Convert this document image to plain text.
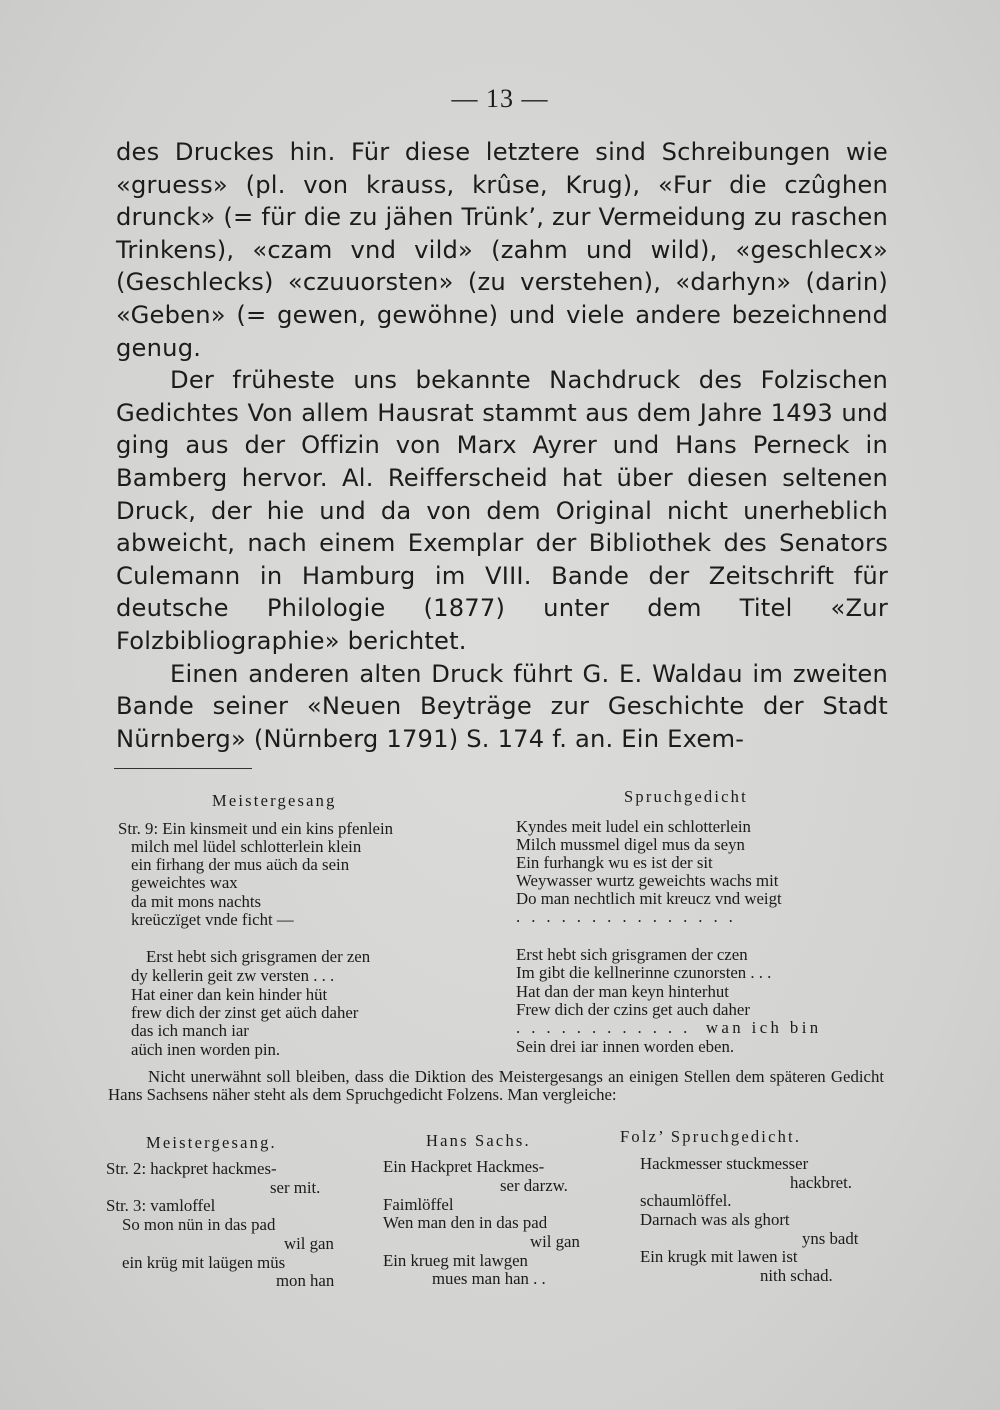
— 13 —

des Druckes hin. Für diese letztere sind Schreibungen wie «gruess» (pl. von krauss, krûse, Krug), «Fur die czûghen drunck» (= für die zu jähen Trünk’, zur Vermeidung zu raschen Trinkens), «czam vnd vild» (zahm und wild), «geschlecx» (Geschlecks) «czuuorsten» (zu verstehen), «darhyn» (darin) «Geben» (= gewen, gewöhne) und viele andere bezeichnend genug.

Der früheste uns bekannte Nachdruck des Folzischen Gedichtes Von allem Hausrat stammt aus dem Jahre 1493 und ging aus der Offizin von Marx Ayrer und Hans Perneck in Bamberg hervor. Al. Reifferscheid hat über diesen seltenen Druck, der hie und da von dem Original nicht unerheblich abweicht, nach einem Exemplar der Bibliothek des Senators Culemann in Hamburg im VIII. Bande der Zeitschrift für deutsche Philologie (1877) unter dem Titel «Zur Folzbibliographie» berichtet.

Einen anderen alten Druck führt G. E. Waldau im zweiten Bande seiner «Neuen Beyträge zur Geschichte der Stadt Nürnberg» (Nürnberg 1791) S. 174 f. an. Ein Exem-

Meistergesang
Str. 9: Ein kinsmeit und ein kins pfenlein
milch mel lüdel schlotterlein klein
ein firhang der mus aüch da sein
geweichtes wax
da mit mons nachts
kreüczïget vnde ficht —
Erst hebt sich grisgramen der zen
dy kellerin geit zw versten . . .
Hat einer dan kein hinder hüt
frew dich der zinst get aüch daher
das ich manch iar
aüch inen worden pin.
Spruchgedicht
Kyndes meit ludel ein schlotterlein
Milch mussmel digel mus da seyn
Ein furhangk wu es ist der sit
Weywasser wurtz geweichts wachs mit
Do man nechtlich mit kreucz vnd weigt
. . . . . . . . . . . . . . .
Erst hebt sich grisgramen der czen
Im gibt die kellnerinne czunorsten . . .
Hat dan der man keyn hinterhut
Frew dich der czins get auch daher
. . . . . . . . . . . .  wan ich bin
Sein drei iar innen worden eben.
Nicht unerwähnt soll bleiben, dass die Diktion des Meistergesangs an einigen Stellen dem späteren Gedicht Hans Sachsens näher steht als dem Spruchgedicht Folzens. Man vergleiche:
Meistergesang.	Hans Sachs.	Folz’ Spruchgedicht.
Str. 2: hackpret hackmes-
ser mit.
Str. 3: vamloffel
So mon nün in das pad
wil gan
ein krüg mit laügen müs
mon han
Ein Hackpret Hackmes-
ser darzw.
Faimlöffel
Wen man den in das pad
wil gan
Ein krueg mit lawgen
mues man han . .
Hackmesser stuckmesser
hackbret.
schaumlöffel.
Darnach was als ghort
yns badt
Ein krugk mit lawen ist
nith schad.
